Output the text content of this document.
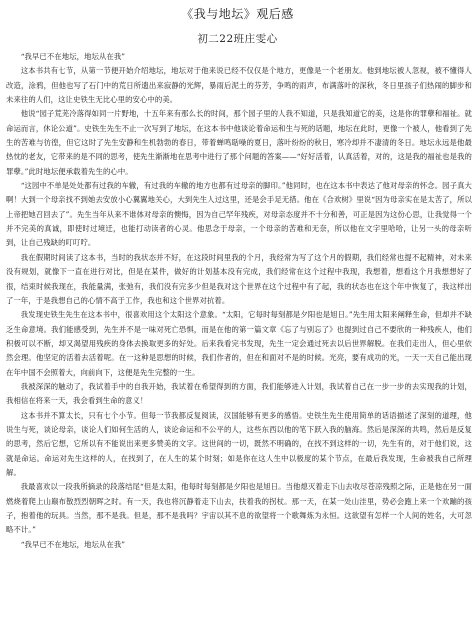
《我与地坛》观后感
初二22班庄雯心

“我早已不在地坛，地坛从在我”

这本书共有七节，从第一节便开始介绍地坛，地坛对于他来说已经不仅仅是个地方，更像是一个老朋友。他到地坛被人忽视，被不懂得人改造，涂鸦，但他也写了石门中的荒日所遗出来寂静的光辉，暴雨后泥土的芬芳，争鸣的雨声，布满落叶的深秋，冬日里孩子们热闹的脚步和未来往的人们，这让史铁生无比心里的安心中的美。

他说“园子荒芜冷落得如同一片野地，十五年来有那么长的时间，那个园子里的人我不知道，只是我知道它的美，这是你的罪孽和福祉。就命运而言，休论公道”。史铁生先生不止一次写到了地坛，在这本书中他谈论着命运和生与死的话题，地坛在此时，更像一个被人，他看到了先生的苦难与彷徨，但它这时了先生安静和生机勃勃的春日，带着蝉鸣聒噪的夏日，落叶纷纷的秋日，寒冷却并不凄清的冬日。地坛永远是他最热忱的老友，它带来的是不同的思考，使先生渐渐地在思考中进行了那个问题的答案——“好好活着，认真活着，对的，这是我的福祉也是我的罪孽。”此时地坛便承载着先生的心中。

“这园中不单是处处都有过我的车辙，有过我的车辙的地方也都有过母亲的脚印。”他同时，也在这本书中表达了他对母亲的怀念。园子真大啊！大到一个母亲找不到她去安放小心翼翼地关心，大到先生人过这里，还是会手足无措。他在《合欢树》里说“因为母亲实在是太苦了，所以上帝把她召回去了”。先生当年从来不谁体对母亲的懊悔，因为自己罕年残疾，对母亲态度并不十分和善，可正是因为这份心思，让我觉得一个并不完美的真诚，即使时过境迁，也能打动读者的心灵。他思念于母亲，一个母亲的苦难和无奈，所以他在文字里哈哈，让另一头的母亲听到，让自己残缺的叮叮咛。

我在假期时间读了这本书，当时的我状态并不好，在这段时间里我的个月，我经常为写了这个月的假期，我们经常也提不起精神，对未来没有规划，就像下一直在进行对比，但是在某件，做好的计划基本没有完成，我们经常在这个过程中我现，我想着，想看这个月我想想好了很，结束时候我现在，我能量满，张弛有，我们没有完多少但是我对这个世界在这个过程中有了起，我的状态也在这个年中恢复了，我这样出了一年，于是我想自己的心情不高于工作，我也和这个世界对抗着。

我发现史铁生先生在这本书中，很喜欢用这个太阳这个意象。“太阳，它每时每刻都是夕阳也是旭日。”先生用太阳来阐释生命，但却并不缺乏生命意境。我们能感受到，先生并不是一味对死亡恐惧，而是在他的第一篇文章《忘了与别忘了》也提到过自己不要欣的一种残疾人，他们积极可以不断，却又渴望用残疾的身体去换取更多的好处。后来我看完书发现，先生一定会通过死去以后世界解脱。在我们走出人，但心里依然会理。他坚定的活着去活着呢。在一这种是思想的时候，我们作者的，但在和面对不是的时候。光亮，要有成功的光，一天一天自己能出现在年中国不会照着大，向前向下，这便是先生完整的一生。

我被深深的触动了，我试着手中的自我开始，我试着在希望得到的方面，我们能够进入计划，我试着自己在一步一步的去实现我的计划，我相信在将来一天，我会看到生命的意义！

这本书并不算太长，只有七个小节。但每一节我都反复阅读，汉国能够有更多的感悟。史铁生先生使用简单的话语描述了深刻的道理，他说生与死，谈论母亲，谈论人们如何生活的人，谈论命运和不公平的人，这些东西以他的笔下跃入我的脑海。然后是深深的共鸣，然后是反复的思考，然后它想，它所以有不能说出来更多赞美的文字。这世间的一切，既然不明确的，在找不到这样的一切，先生有的，对于他们说，这就是命运。命运对先生这样的人，在找到了，在人生的某个时刻；如是你在这人生中以极度的某个节点，在最后我发现，生命被我自己所理解。

我最喜欢以一段我所摘录的段落结尾“但是太阳，他每时每刻都是夕阳也是旭日。当他熄灭着走下山去收尽苍凉残照之际，正是他在另一面燃烧着爬上山巅布散烈烈朝晖之时。有一天，我也将沉静着走下山去，扶着我的拐杖。那一天，在某一处山洼里，势必会跑上来一个欢蹦的孩子，抱着他的玩具。当然，那不是我。但是，那不是我吗？宇宙以其不息的欲望将一个歌舞炼为永恒。这欲望有怎样一个人间的姓名，大可忽略不计。”

“我早已不在地坛，地坛从在我”
